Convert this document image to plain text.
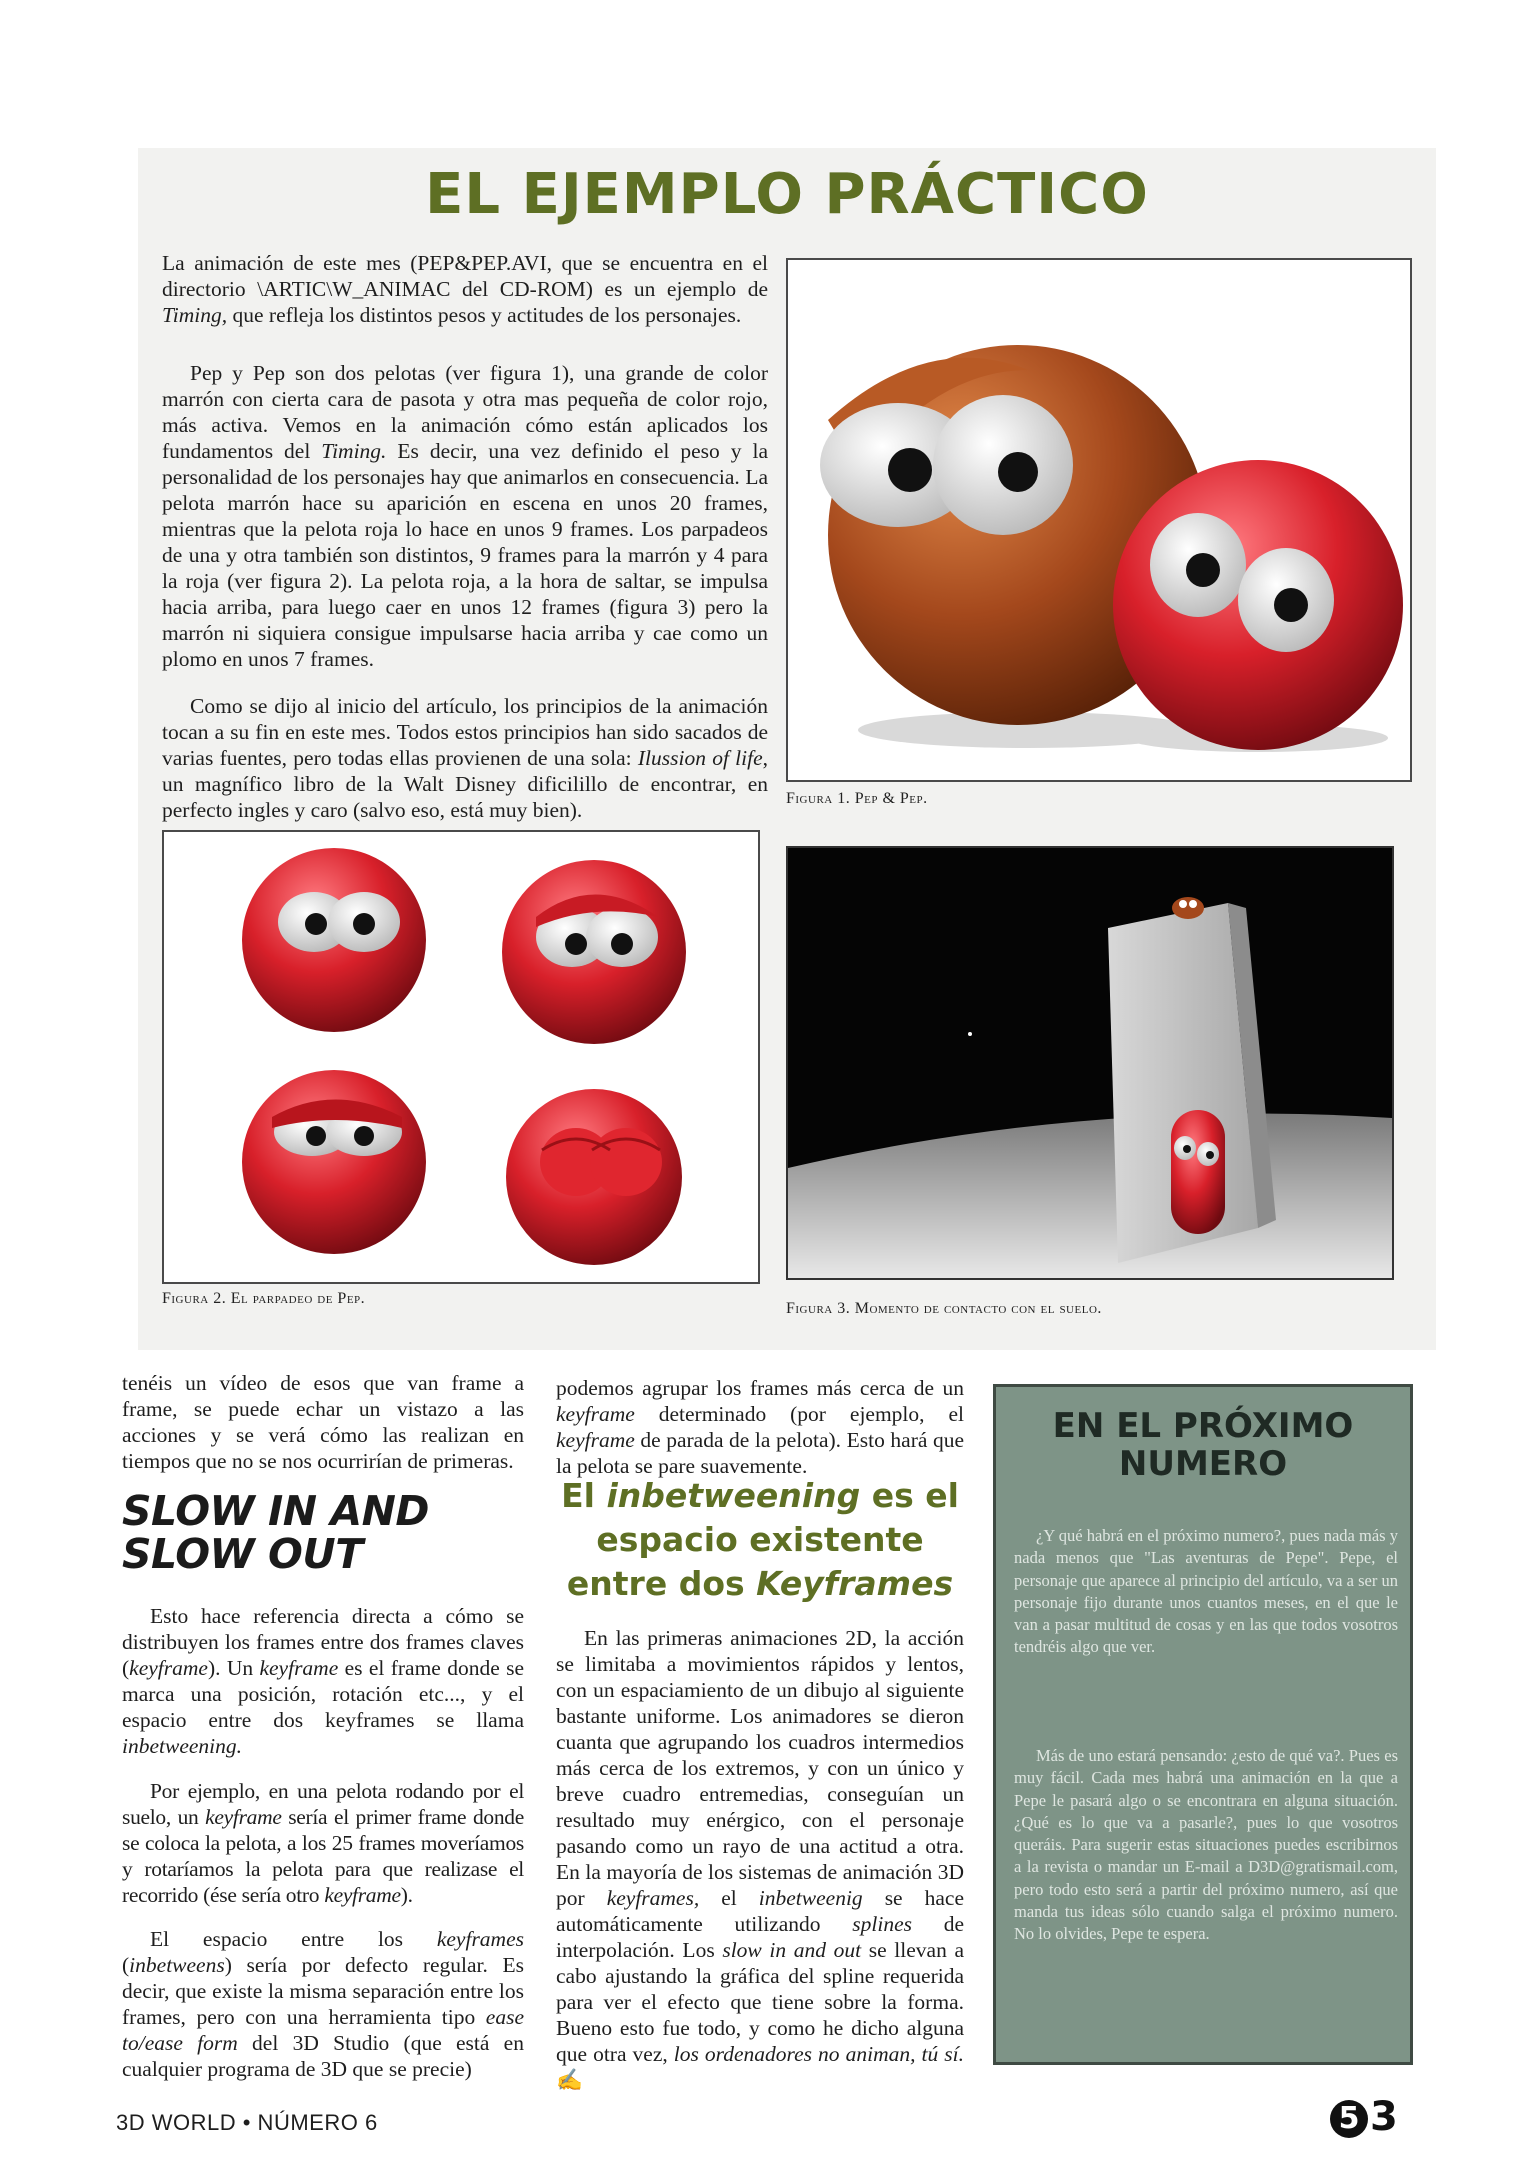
EL EJEMPLO PRÁCTICO

La animación de este mes (PEP&PEP.AVI, que se encuentra en el directorio \ARTIC\W_ANIMAC del CD-ROM) es un ejemplo de Timing, que refleja los distintos pesos y actitudes de los personajes.

Pep y Pep son dos pelotas (ver figura 1), una grande de color marrón con cierta cara de pasota y otra mas pequeña de color rojo, más activa. Vemos en la animación cómo están aplicados los fundamentos del Timing. Es decir, una vez definido el peso y la personalidad de los personajes hay que animarlos en consecuencia. La pelota marrón hace su aparición en escena en unos 20 frames, mientras que la pelota roja lo hace en unos 9 frames. Los parpadeos de una y otra también son distintos, 9 frames para la marrón y 4 para la roja (ver figura 2). La pelota roja, a la hora de saltar, se impulsa hacia arriba, para luego caer en unos 12 frames (figura 3) pero la marrón ni siquiera consigue impulsarse hacia arriba y cae como un plomo en unos 7 frames.

Como se dijo al inicio del artículo, los principios de la animación tocan a su fin en este mes. Todos estos principios han sido sacados de varias fuentes, pero todas ellas provienen de una sola: Ilussion of life, un magnífico libro de la Walt Disney dificilillo de encontrar, en perfecto ingles y caro (salvo eso, está muy bien).	Figura 1. Pep & Pep.
Figura 2. El parpadeo de Pep.
Figura 3. Momento de contacto con el suelo.

tenéis un vídeo de esos que van frame a frame, se puede echar un vistazo a las acciones y se verá cómo las realizan en tiempos que no se nos ocurrirían de primeras.

SLOW IN AND

SLOW OUT

Esto hace referencia directa a cómo se distribuyen los frames entre dos frames claves (keyframe). Un keyframe es el frame donde se marca una posición, rotación etc..., y el espacio entre dos keyframes se llama inbetweening.

Por ejemplo, en una pelota rodando por el suelo, un keyframe sería el primer frame donde se coloca la pelota, a los 25 frames moveríamos y rotaríamos la pelota para que realizase el recorrido (ése sería otro keyframe).

El espacio entre los keyframes (inbetweens) sería por defecto regular. Es decir, que existe la misma separación entre los frames, pero con una herramienta tipo ease to/ease form del 3D Studio (que está en cualquier programa de 3D que se precie)

podemos agrupar los frames más cerca de un keyframe determinado (por ejemplo, el keyframe de parada de la pelota). Esto hará que la pelota se pare suavemente.

El inbetweening es el

espacio existente

entre dos Keyframes

En las primeras animaciones 2D, la acción se limitaba a movimientos rápidos y lentos, con un espaciamiento de un dibujo al siguiente bastante uniforme. Los animadores se dieron cuanta que agrupando los cuadros intermedios más cerca de los extremos, y con un único y breve cuadro entremedias, conseguían un resultado muy enérgico, con el personaje pasando como un rayo de una actitud a otra. En la mayoría de los sistemas de animación 3D por keyframes, el inbetweenig se hace automáticamente utilizando splines de interpolación. Los slow in and out se llevan a cabo ajustando la gráfica del spline requerida para ver el efecto que tiene sobre la forma. Bueno esto fue todo, y como he dicho alguna que otra vez, los ordenadores no animan, tú sí. ✍

EN EL PRÓXIMO
NUMERO

¿Y qué habrá en el próximo numero?, pues nada más y nada menos que "Las aventuras de Pepe". Pepe, el personaje que aparece al principio del artículo, va a ser un personaje fijo durante unos cuantos meses, en el que le van a pasar multitud de cosas y en las que todos vosotros tendréis algo que ver.

Más de uno estará pensando: ¿esto de qué va?. Pues es muy fácil. Cada mes habrá una animación en la que a Pepe le pasará algo o se encontrara en alguna situación. ¿Qué es lo que va a pasarle?, pues lo que vosotros queráis. Para sugerir estas situaciones puedes escribirnos a la revista o mandar un E-mail a D3D@gratismail.com, pero todo esto será a partir del próximo numero, así que manda tus ideas sólo cuando salga el próximo numero. No lo olvides, Pepe te espera.

3D WORLD • NÚMERO 6	5 3
